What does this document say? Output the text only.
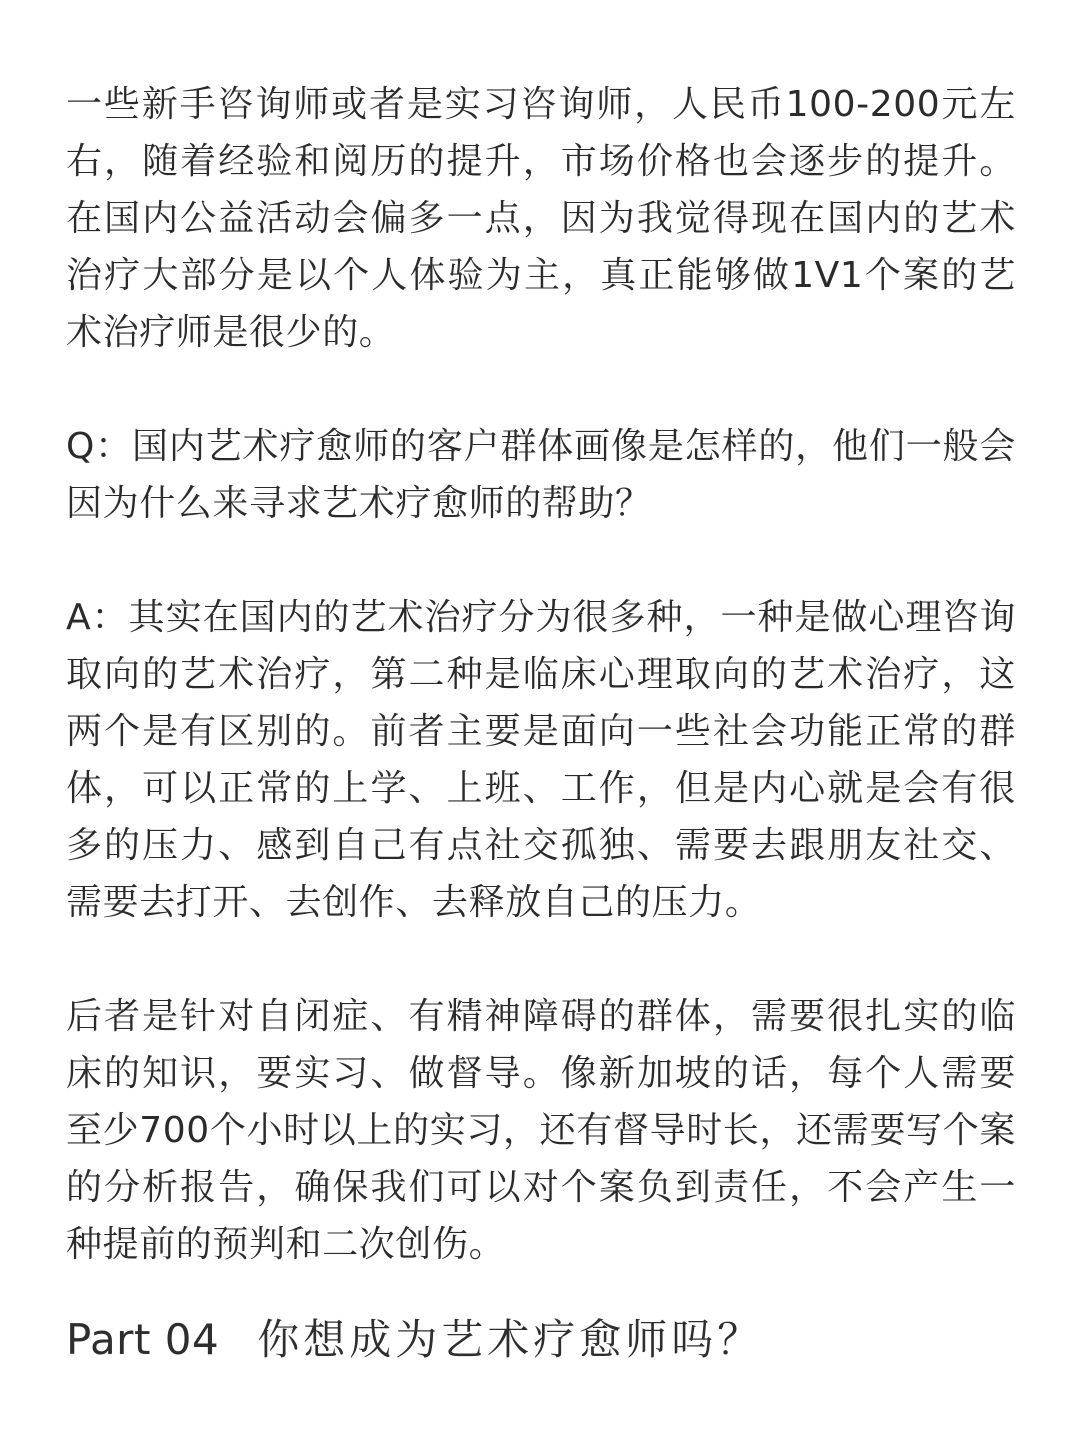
一些新手咨询师或者是实习咨询师，人民币100-200元左右，随着经验和阅历的提升，市场价格也会逐步的提升。在国内公益活动会偏多一点，因为我觉得现在国内的艺术治疗大部分是以个人体验为主，真正能够做1V1个案的艺术治疗师是很少的。

Q：国内艺术疗愈师的客户群体画像是怎样的，他们一般会因为什么来寻求艺术疗愈师的帮助？

A：其实在国内的艺术治疗分为很多种，一种是做心理咨询取向的艺术治疗，第二种是临床心理取向的艺术治疗，这两个是有区别的。前者主要是面向一些社会功能正常的群体，可以正常的上学、上班、工作，但是内心就是会有很多的压力、感到自己有点社交孤独、需要去跟朋友社交、需要去打开、去创作、去释放自己的压力。

后者是针对自闭症、有精神障碍的群体，需要很扎实的临床的知识，要实习、做督导。像新加坡的话，每个人需要至少700个小时以上的实习，还有督导时长，还需要写个案的分析报告，确保我们可以对个案负到责任，不会产生一种提前的预判和二次创伤。

Part 04 你想成为艺术疗愈师吗？
